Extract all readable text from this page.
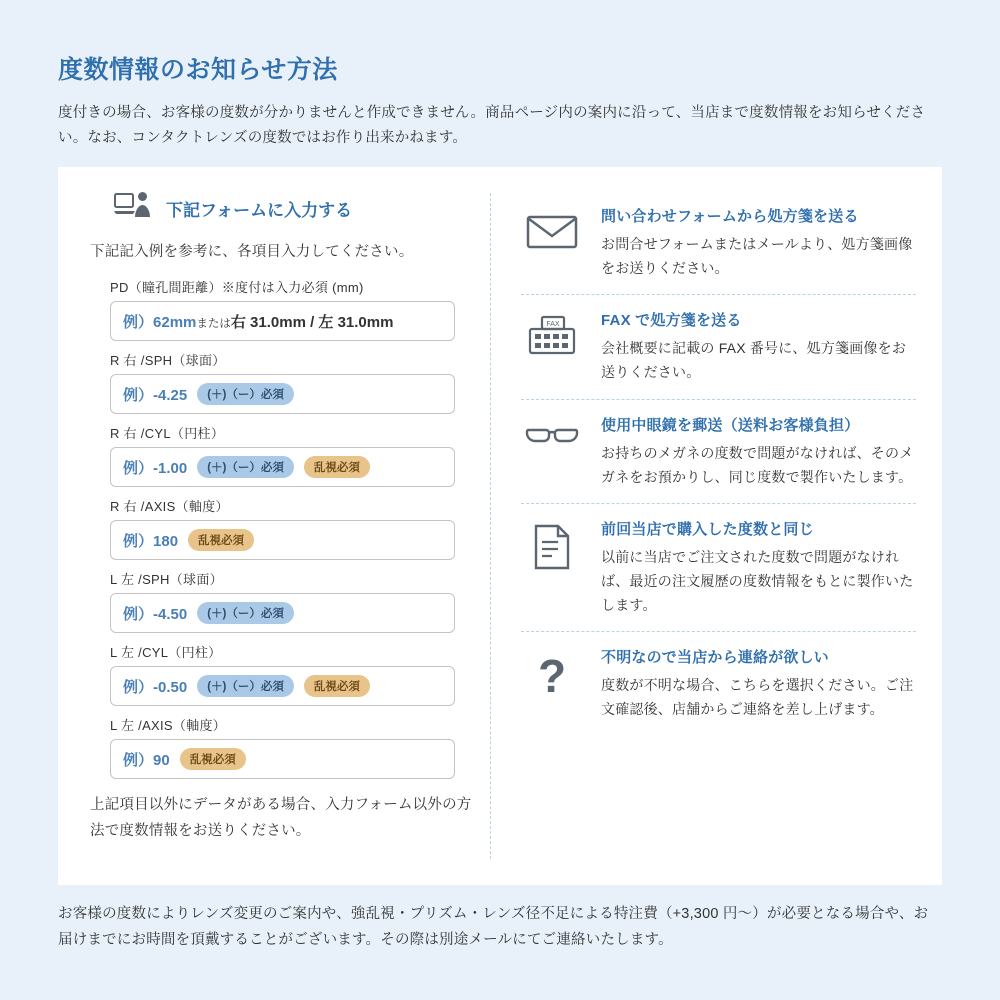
度数情報のお知らせ方法

度付きの場合、お客様の度数が分かりませんと作成できません。商品ページ内の案内に沿って、当店まで度数情報をお知らせください。なお、コンタクトレンズの度数ではお作り出来かねます。

下記フォームに入力する
下記記入例を参考に、各項目入力してください。
PD（瞳孔間距離）※度付は入力必須 (mm)
例）62mmまたは右 31.0mm / 左 31.0mm
R 右 /SPH（球面）
例）-4.25	(＋)（ー）必須
R 右 /CYL（円柱）
例）-1.00	(＋)（ー）必須	乱視必須
R 右 /AXIS（軸度）
例）180	乱視必須
L 左 /SPH（球面）
例）-4.50	(＋)（ー）必須
L 左 /CYL（円柱）
例）-0.50	(＋)（ー）必須	乱視必須
L 左 /AXIS（軸度）
例）90	乱視必須
上記項目以外にデータがある場合、入力フォーム以外の方法で度数情報をお送りください。
問い合わせフォームから処方箋を送る
お問合せフォームまたはメールより、処方箋画像をお送りください。
FAX	FAX で処方箋を送る
会社概要に記載の FAX 番号に、処方箋画像をお送りください。
使用中眼鏡を郵送（送料お客様負担）
お持ちのメガネの度数で問題がなければ、そのメガネをお預かりし、同じ度数で製作いたします。
前回当店で購入した度数と同じ
以前に当店でご注文された度数で問題がなければ、最近の注文履歴の度数情報をもとに製作いたします。
? 不明なので当店から連絡が欲しい
度数が不明な場合、こちらを選択ください。ご注文確認後、店舗からご連絡を差し上げます。

お客様の度数によりレンズ変更のご案内や、強乱視・プリズム・レンズ径不足による特注費（+3,300 円～）が必要となる場合や、お届けまでにお時間を頂戴することがございます。その際は別途メールにてご連絡いたします。
